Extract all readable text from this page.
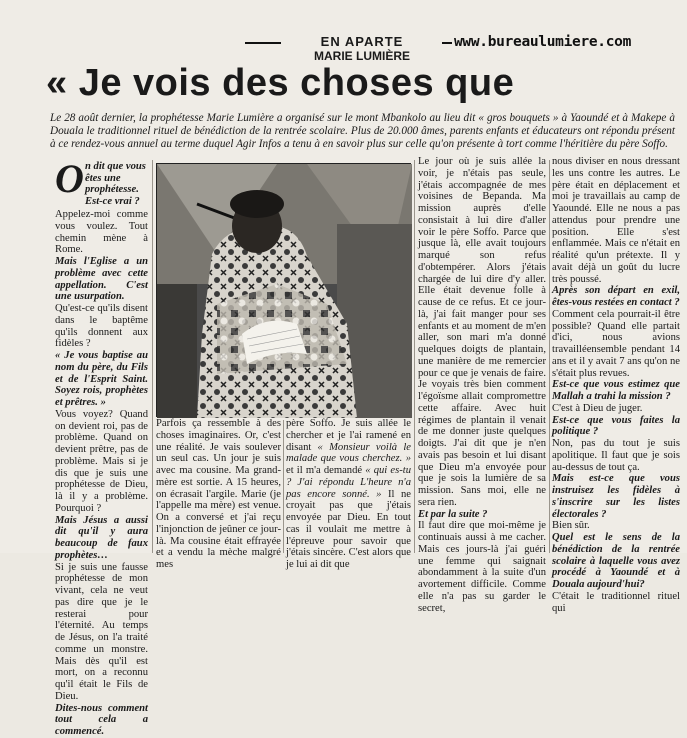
EN APARTE
MARIE LUMIÈRE
www.bureaulumiere.com
« Je vois des choses que
Le 28 août dernier, la prophétesse Marie Lumière a organisé sur le mont Mbankolo au lieu dit « gros bouquets » à Yaoundé et à Makepe à Douala le traditionnel rituel de bénédiction de la rentrée scolaire. Plus de 20.000 âmes, parents enfants et éducateurs ont répondu présent à ce rendez-vous annuel au terme duquel Agir Infos a tenu à en savoir plus sur celle qu'on présente à tort comme l'héritière du père Soffo.
O n dit que vous êtes une prophétesse. Est-ce vrai ?

Appelez-moi comme vous voulez. Tout chemin mène à Rome.

Mais l'Eglise a un problème avec cette appellation. C'est une usurpation.

Qu'est-ce qu'ils disent dans le baptême qu'ils donnent aux fidèles ?

« Je vous baptise au nom du père, du Fils et de l'Esprit Saint. Soyez rois, prophètes et prêtres. »

Vous voyez? Quand on devient roi, pas de problème. Quand on devient prêtre, pas de problème. Mais si je dis que je suis une prophétesse de Dieu, là il y a problème. Pourquoi ?

Mais Jésus a aussi dit qu'il y aura beaucoup de faux prophètes…

Si je suis une fausse prophétesse de mon vivant, cela ne veut pas dire que je le resterai pour l'éternité. Au temps de Jésus, on l'a traité comme un monstre. Mais dès qu'il est mort, on a reconnu qu'il était le Fils de Dieu.

Dites-nous comment tout cela a commencé.

Parfois ça ressemble à des choses imaginaires. Or, c'est une réalité. Je vais soulever un seul cas. Un jour je suis avec ma cousine. Ma grand-mère est sortie. A 15 heures, on écrasait l'argile. Marie (je l'appelle ma mère) est venue. On a conversé et j'ai reçu l'injonction de jeûner ce jour-là. Ma cousine était effrayée et a vendu la mèche malgré mes

père Soffo. Je suis allée le chercher et je l'ai ramené en disant « Monsieur voilà le malade que vous cherchez. » et il m'a demandé « qui es-tu ? J'ai répondu L'heure n'a pas encore sonné. » Il ne croyait pas que j'étais envoyée par Dieu. En tout cas il voulait me mettre à l'épreuve pour savoir que j'étais sincère. C'est alors que je lui ai dit que

Le jour où je suis allée la voir, je n'étais pas seule, j'étais accompagnée de mes voisines de Bepanda. Ma mission auprès d'elle consistait à lui dire d'aller voir le père Soffo. Parce que jusque là, elle avait toujours marqué son refus d'obtempérer. Alors j'étais chargée de lui dire d'y aller. Elle était devenue folle à cause de ce refus. Et ce jour-là, j'ai fait manger pour ses enfants et au moment de m'en aller, son mari m'a donné quelques doigts de plantain, une manière de me remercier pour ce que je venais de faire. Je voyais très bien comment l'égoïsme allait compromettre cette affaire. Avec huit régimes de plantain il venait de me donner juste quelques doigts. J'ai dit que je n'en avais pas besoin et lui disant que Dieu m'a envoyée pour que je sois la lumière de sa mission. Sans moi, elle ne sera rien.

Et par la suite ?

Il faut dire que moi-même je continuais aussi à me cacher. Mais ces jours-là j'ai guéri une femme qui saignait abondamment à la suite d'un avortement difficile. Comme elle n'a pas su garder le secret,

nous diviser en nous dressant les uns contre les autres. Le père était en déplacement et moi je travaillais au camp de Yaoundé. Elle ne nous a pas attendus pour prendre une position. Elle s'est enflammée. Mais ce n'était en réalité qu'un prétexte. Il y avait déjà un goût du lucre très poussé.

Après son départ en exil, êtes-vous restées en contact ?

Comment cela pourrait-il être possible? Quand elle partait d'ici, nous avions travailléensemble pendant 14 ans et il y avait 7 ans qu'on ne s'était plus revues.

Est-ce que vous estimez que Mallah a trahi la mission ?

C'est à Dieu de juger.

Est-ce que vous faites la politique ?

Non, pas du tout je suis apolitique. Il faut que je sois au-dessus de tout ça.

Mais est-ce que vous instruisez les fidèles à s'inscrire sur les listes électorales ?

Bien sûr.

Quel est le sens de la bénédiction de la rentrée scolaire à laquelle vous avez procédé à Yaoundé et à Douala aujourd'hui?

C'était le traditionnel rituel qui
